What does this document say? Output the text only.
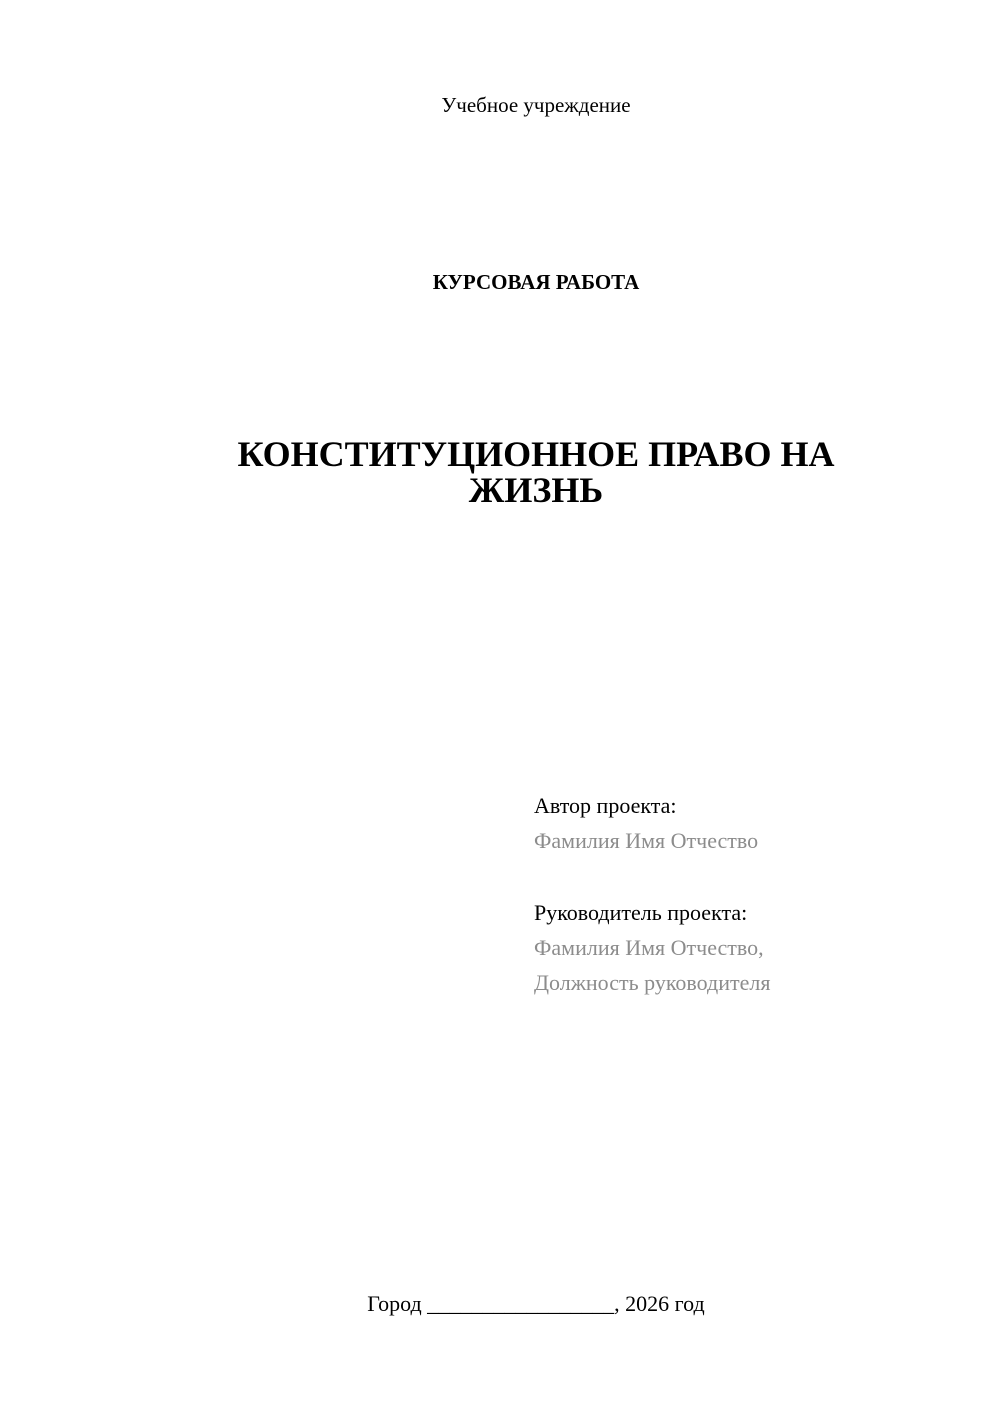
Учебное учреждение
КУРСОВАЯ РАБОТА
КОНСТИТУЦИОННОЕ ПРАВО НА
ЖИЗНЬ
Автор проекта:
Фамилия Имя Отчество
Руководитель проекта:
Фамилия Имя Отчество,
Должность руководителя
Город _________________, 2026 год
